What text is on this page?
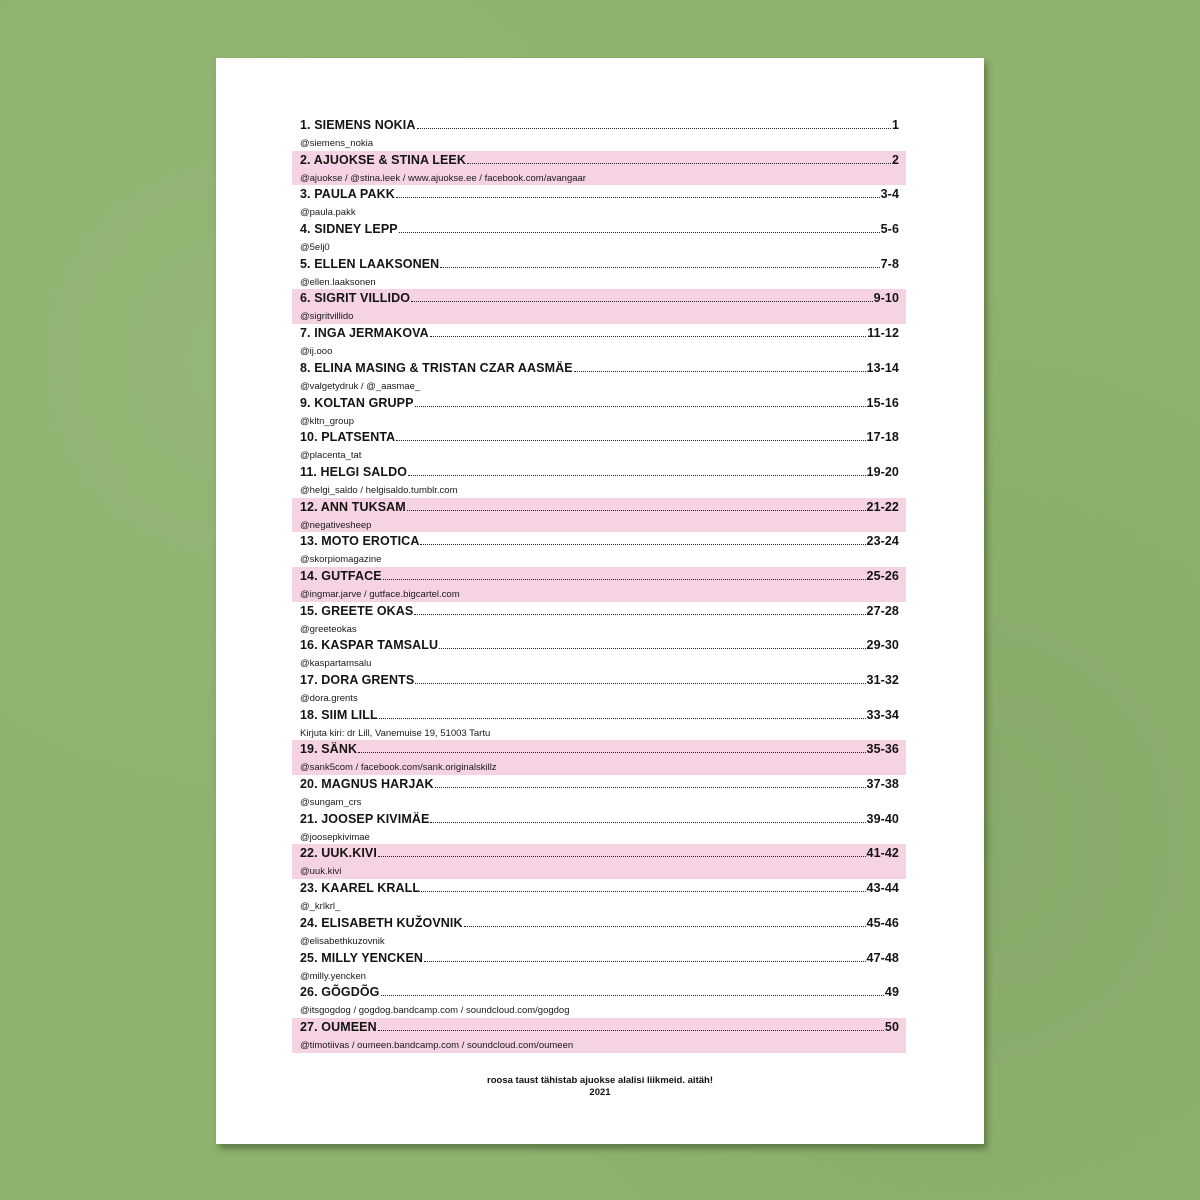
1. SIEMENS NOKIA	1
@siemens_nokia
2. AJUOKSE & STINA LEEK	2
@ajuokse / @stina.leek / www.ajuokse.ee / facebook.com/avangaar
3. PAULA PAKK	3-4
@paula.pakk
4. SIDNEY LEPP	5-6
@5elj0
5. ELLEN LAAKSONEN	7-8
@ellen.laaksonen
6. SIGRIT VILLIDO	9-10
@sigritvillido
7. INGA JERMAKOVA	11-12
@ij.ooo
8. ELINA MASING & TRISTAN CZAR AASMÄE	13-14
@valgetydruk / @_aasmae_
9. KOLTAN GRUPP	15-16
@kltn_group
10. PLATSENTA	17-18
@placenta_tat
11. HELGI SALDO	19-20
@helgi_saldo / helgisaldo.tumblr.com
12. ANN TUKSAM	21-22
@negativesheep
13. MOTO EROTICA	23-24
@skorpiomagazine
14. GUTFACE	25-26
@ingmar.jarve / gutface.bigcartel.com
15. GREETE OKAS	27-28
@greeteokas
16. KASPAR TAMSALU	29-30
@kaspartamsalu
17. DORA GRENTS	31-32
@dora.grents
18. SIIM LILL	33-34
Kirjuta kiri: dr Lill, Vanemuise 19, 51003 Tartu
19. SÄNK	35-36
@sank5com / facebook.com/sank.originalskillz
20. MAGNUS HARJAK	37-38
@sungam_crs
21. JOOSEP KIVIMÄE	39-40
@joosepkivimae
22. UUK.KIVI	41-42
@uuk.kivi
23. KAAREL KRALL	43-44
@_krlkrl_
24. ELISABETH KUŽOVNIK	45-46
@elisabethkuzovnik
25. MILLY YENCKEN	47-48
@milly.yencken
26. GÕGDÕG	49
@itsgogdog / gogdog.bandcamp.com / soundcloud.com/gogdog
27. OUMEEN	50
@timotiivas / oumeen.bandcamp.com / soundcloud.com/oumeen
roosa taust tähistab ajuokse alalisi liikmeid. aitäh!
2021
